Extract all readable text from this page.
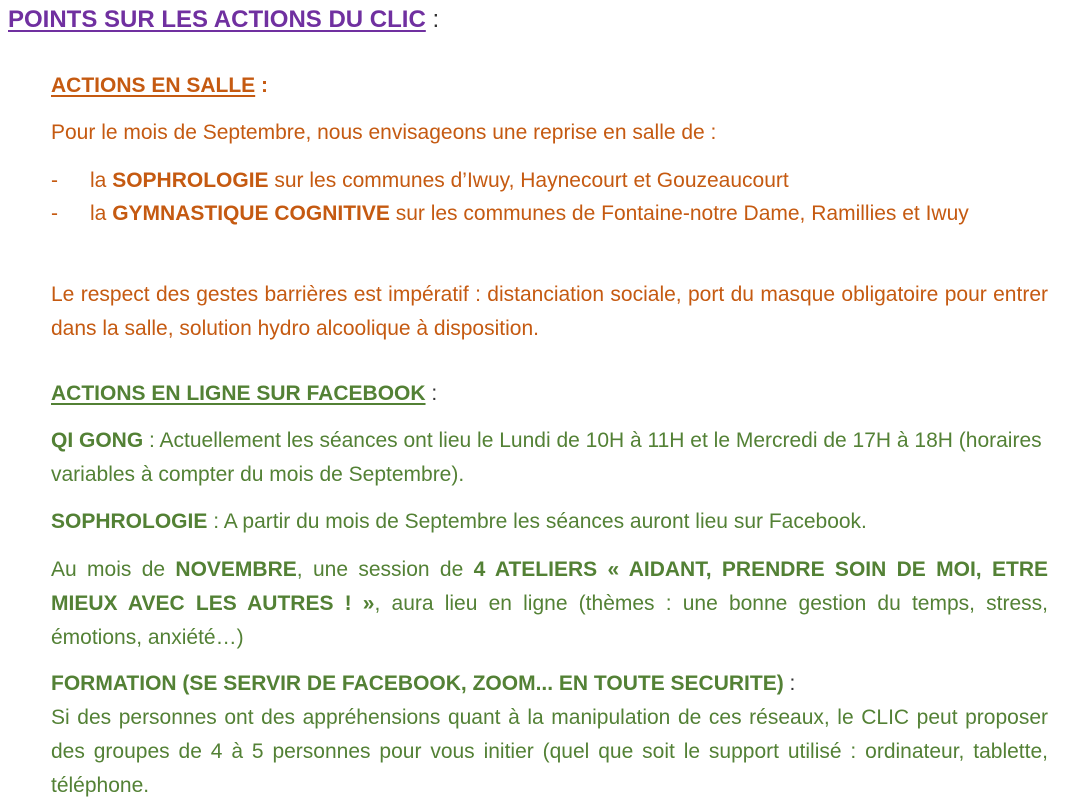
POINTS SUR LES ACTIONS DU CLIC :
ACTIONS EN SALLE :

Pour le mois de Septembre, nous envisageons une reprise en salle de :

- la SOPHROLOGIE sur les communes d’Iwuy, Haynecourt et Gouzeaucourt
- la GYMNASTIQUE COGNITIVE sur les communes de Fontaine-notre Dame, Ramillies et Iwuy

Le respect des gestes barrières est impératif : distanciation sociale, port du masque obligatoire pour entrer dans la salle, solution hydro alcoolique à disposition.

ACTIONS EN LIGNE SUR FACEBOOK :

QI GONG : Actuellement les séances ont lieu le Lundi de 10H à 11H et le Mercredi de 17H à 18H (horaires variables à compter du mois de Septembre).

SOPHROLOGIE : A partir du mois de Septembre les séances auront lieu sur Facebook.

Au mois de NOVEMBRE, une session de 4 ATELIERS « AIDANT, PRENDRE SOIN DE MOI, ETRE MIEUX AVEC LES AUTRES ! », aura lieu en ligne (thèmes : une bonne gestion du temps, stress, émotions, anxiété…)

FORMATION (SE SERVIR DE FACEBOOK, ZOOM... EN TOUTE SECURITE) :

Si des personnes ont des appréhensions quant à la manipulation de ces réseaux, le CLIC peut proposer des groupes de 4 à 5 personnes pour vous initier (quel que soit le support utilisé : ordinateur, tablette, téléphone.
